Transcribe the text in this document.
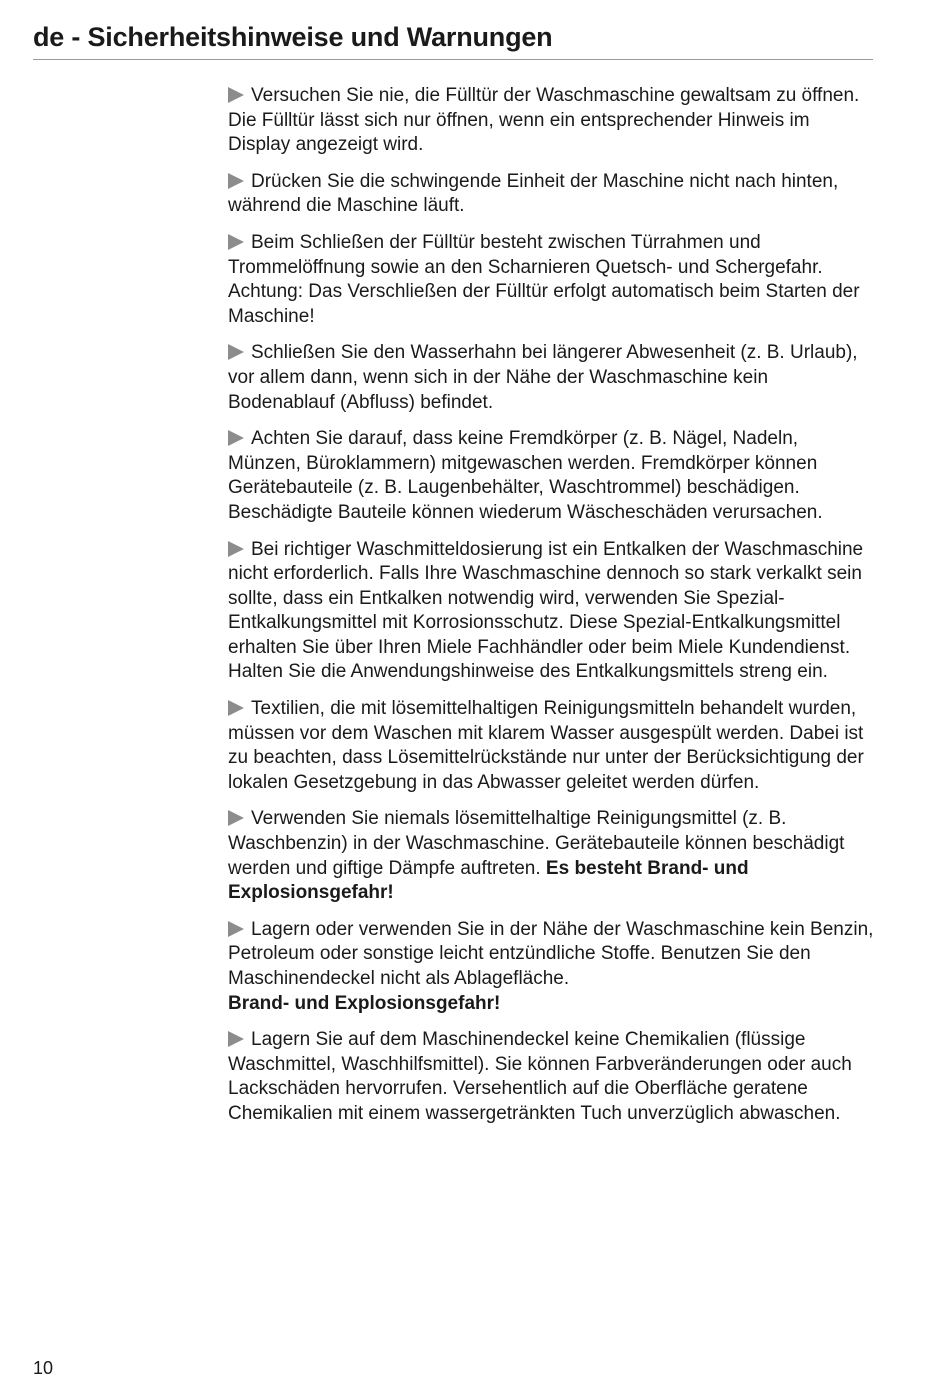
de - Sicherheitshinweise und Warnungen

Versuchen Sie nie, die Fülltür der Waschmaschine gewaltsam zu öffnen. Die Fülltür lässt sich nur öffnen, wenn ein entsprechender Hinweis im Display angezeigt wird.

Drücken Sie die schwingende Einheit der Maschine nicht nach hinten, während die Maschine läuft.

Beim Schließen der Fülltür besteht zwischen Türrahmen und Trommelöffnung sowie an den Scharnieren Quetsch- und Schergefahr. Achtung: Das Verschließen der Fülltür erfolgt automatisch beim Starten der Maschine!

Schließen Sie den Wasserhahn bei längerer Abwesenheit (z. B. Urlaub), vor allem dann, wenn sich in der Nähe der Waschmaschine kein Bodenablauf (Abfluss) befindet.

Achten Sie darauf, dass keine Fremdkörper (z. B. Nägel, Nadeln, Münzen, Büroklammern) mitgewaschen werden. Fremdkörper können Gerätebauteile (z. B. Laugenbehälter, Waschtrommel) beschädigen. Beschädigte Bauteile können wiederum Wäscheschäden verursachen.

Bei richtiger Waschmitteldosierung ist ein Entkalken der Waschmaschine nicht erforderlich. Falls Ihre Waschmaschine dennoch so stark verkalkt sein sollte, dass ein Entkalken notwendig wird, verwenden Sie Spezial-Entkalkungsmittel mit Korrosionsschutz. Diese Spezial-Entkalkungsmittel erhalten Sie über Ihren Miele Fachhändler oder beim Miele Kundendienst. Halten Sie die Anwendungshinweise des Entkalkungsmittels streng ein.

Textilien, die mit lösemittelhaltigen Reinigungsmitteln behandelt wurden, müssen vor dem Waschen mit klarem Wasser ausgespült werden. Dabei ist zu beachten, dass Lösemittelrückstände nur unter der Berücksichtigung der lokalen Gesetzgebung in das Abwasser geleitet werden dürfen.

Verwenden Sie niemals lösemittelhaltige Reinigungsmittel (z. B. Waschbenzin) in der Waschmaschine. Gerätebauteile können beschädigt werden und giftige Dämpfe auftreten. Es besteht Brand- und Explosionsgefahr!

Lagern oder verwenden Sie in der Nähe der Waschmaschine kein Benzin, Petroleum oder sonstige leicht entzündliche Stoffe. Benutzen Sie den Maschinendeckel nicht als Ablagefläche.
Brand- und Explosionsgefahr!

Lagern Sie auf dem Maschinendeckel keine Chemikalien (flüssige Waschmittel, Waschhilfsmittel). Sie können Farbveränderungen oder auch Lackschäden hervorrufen. Versehentlich auf die Oberfläche geratene Chemikalien mit einem wassergetränkten Tuch unverzüglich abwaschen.

10
